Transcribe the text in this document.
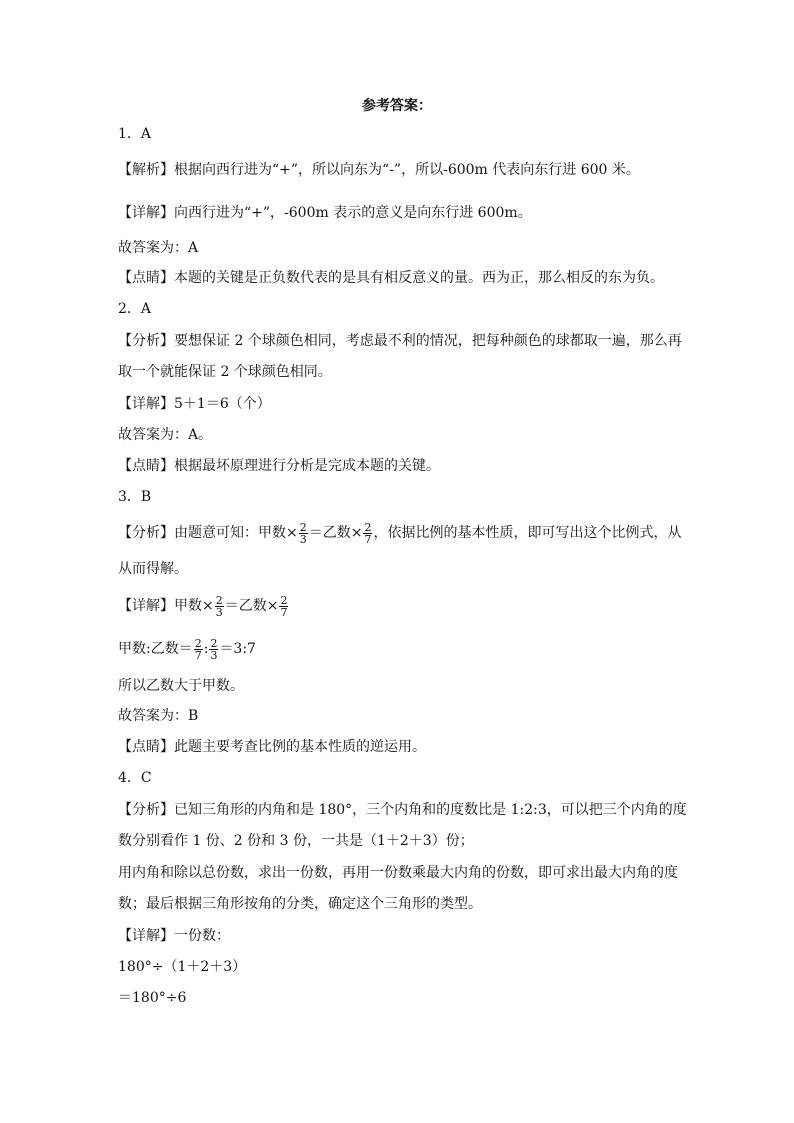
参考答案：
1．A
【解析】根据向西行进为“+”，所以向东为“-”，所以-600m 代表向东行进 600 米。
【详解】向西行进为“+”，-600m 表示的意义是向东行进 600m。
故答案为：A
【点睛】本题的关键是正负数代表的是具有相反意义的量。西为正，那么相反的东为负。
2．A
【分析】要想保证 2 个球颜色相同，考虑最不利的情况，把每种颜色的球都取一遍，那么再
取一个就能保证 2 个球颜色相同。
【详解】5＋1＝6（个）
故答案为：A。
【点睛】根据最坏原理进行分析是完成本题的关键。
3．B
【分析】由题意可知：甲数× $\frac{2}{3}$ ＝乙数× $\frac{2}{7}$ ，依据比例的基本性质，即可写出这个比例式，从
从而得解。
【详解】甲数× $\frac{2}{3}$ ＝乙数× $\frac{2}{7}$
甲数:乙数＝ $\frac{2}{7}$ : $\frac{2}{3}$ ＝3:7
所以乙数大于甲数。
故答案为：B
【点睛】此题主要考查比例的基本性质的逆运用。
4．C
【分析】已知三角形的内角和是 180°，三个内角和的度数比是 1:2:3，可以把三个内角的度
数分别看作 1 份、2 份和 3 份，一共是（1＋2＋3）份；
用内角和除以总份数，求出一份数，再用一份数乘最大内角的份数，即可求出最大内角的度
数；最后根据三角形按角的分类，确定这个三角形的类型。
【详解】一份数：
180°÷（1＋2＋3）
＝180°÷6
